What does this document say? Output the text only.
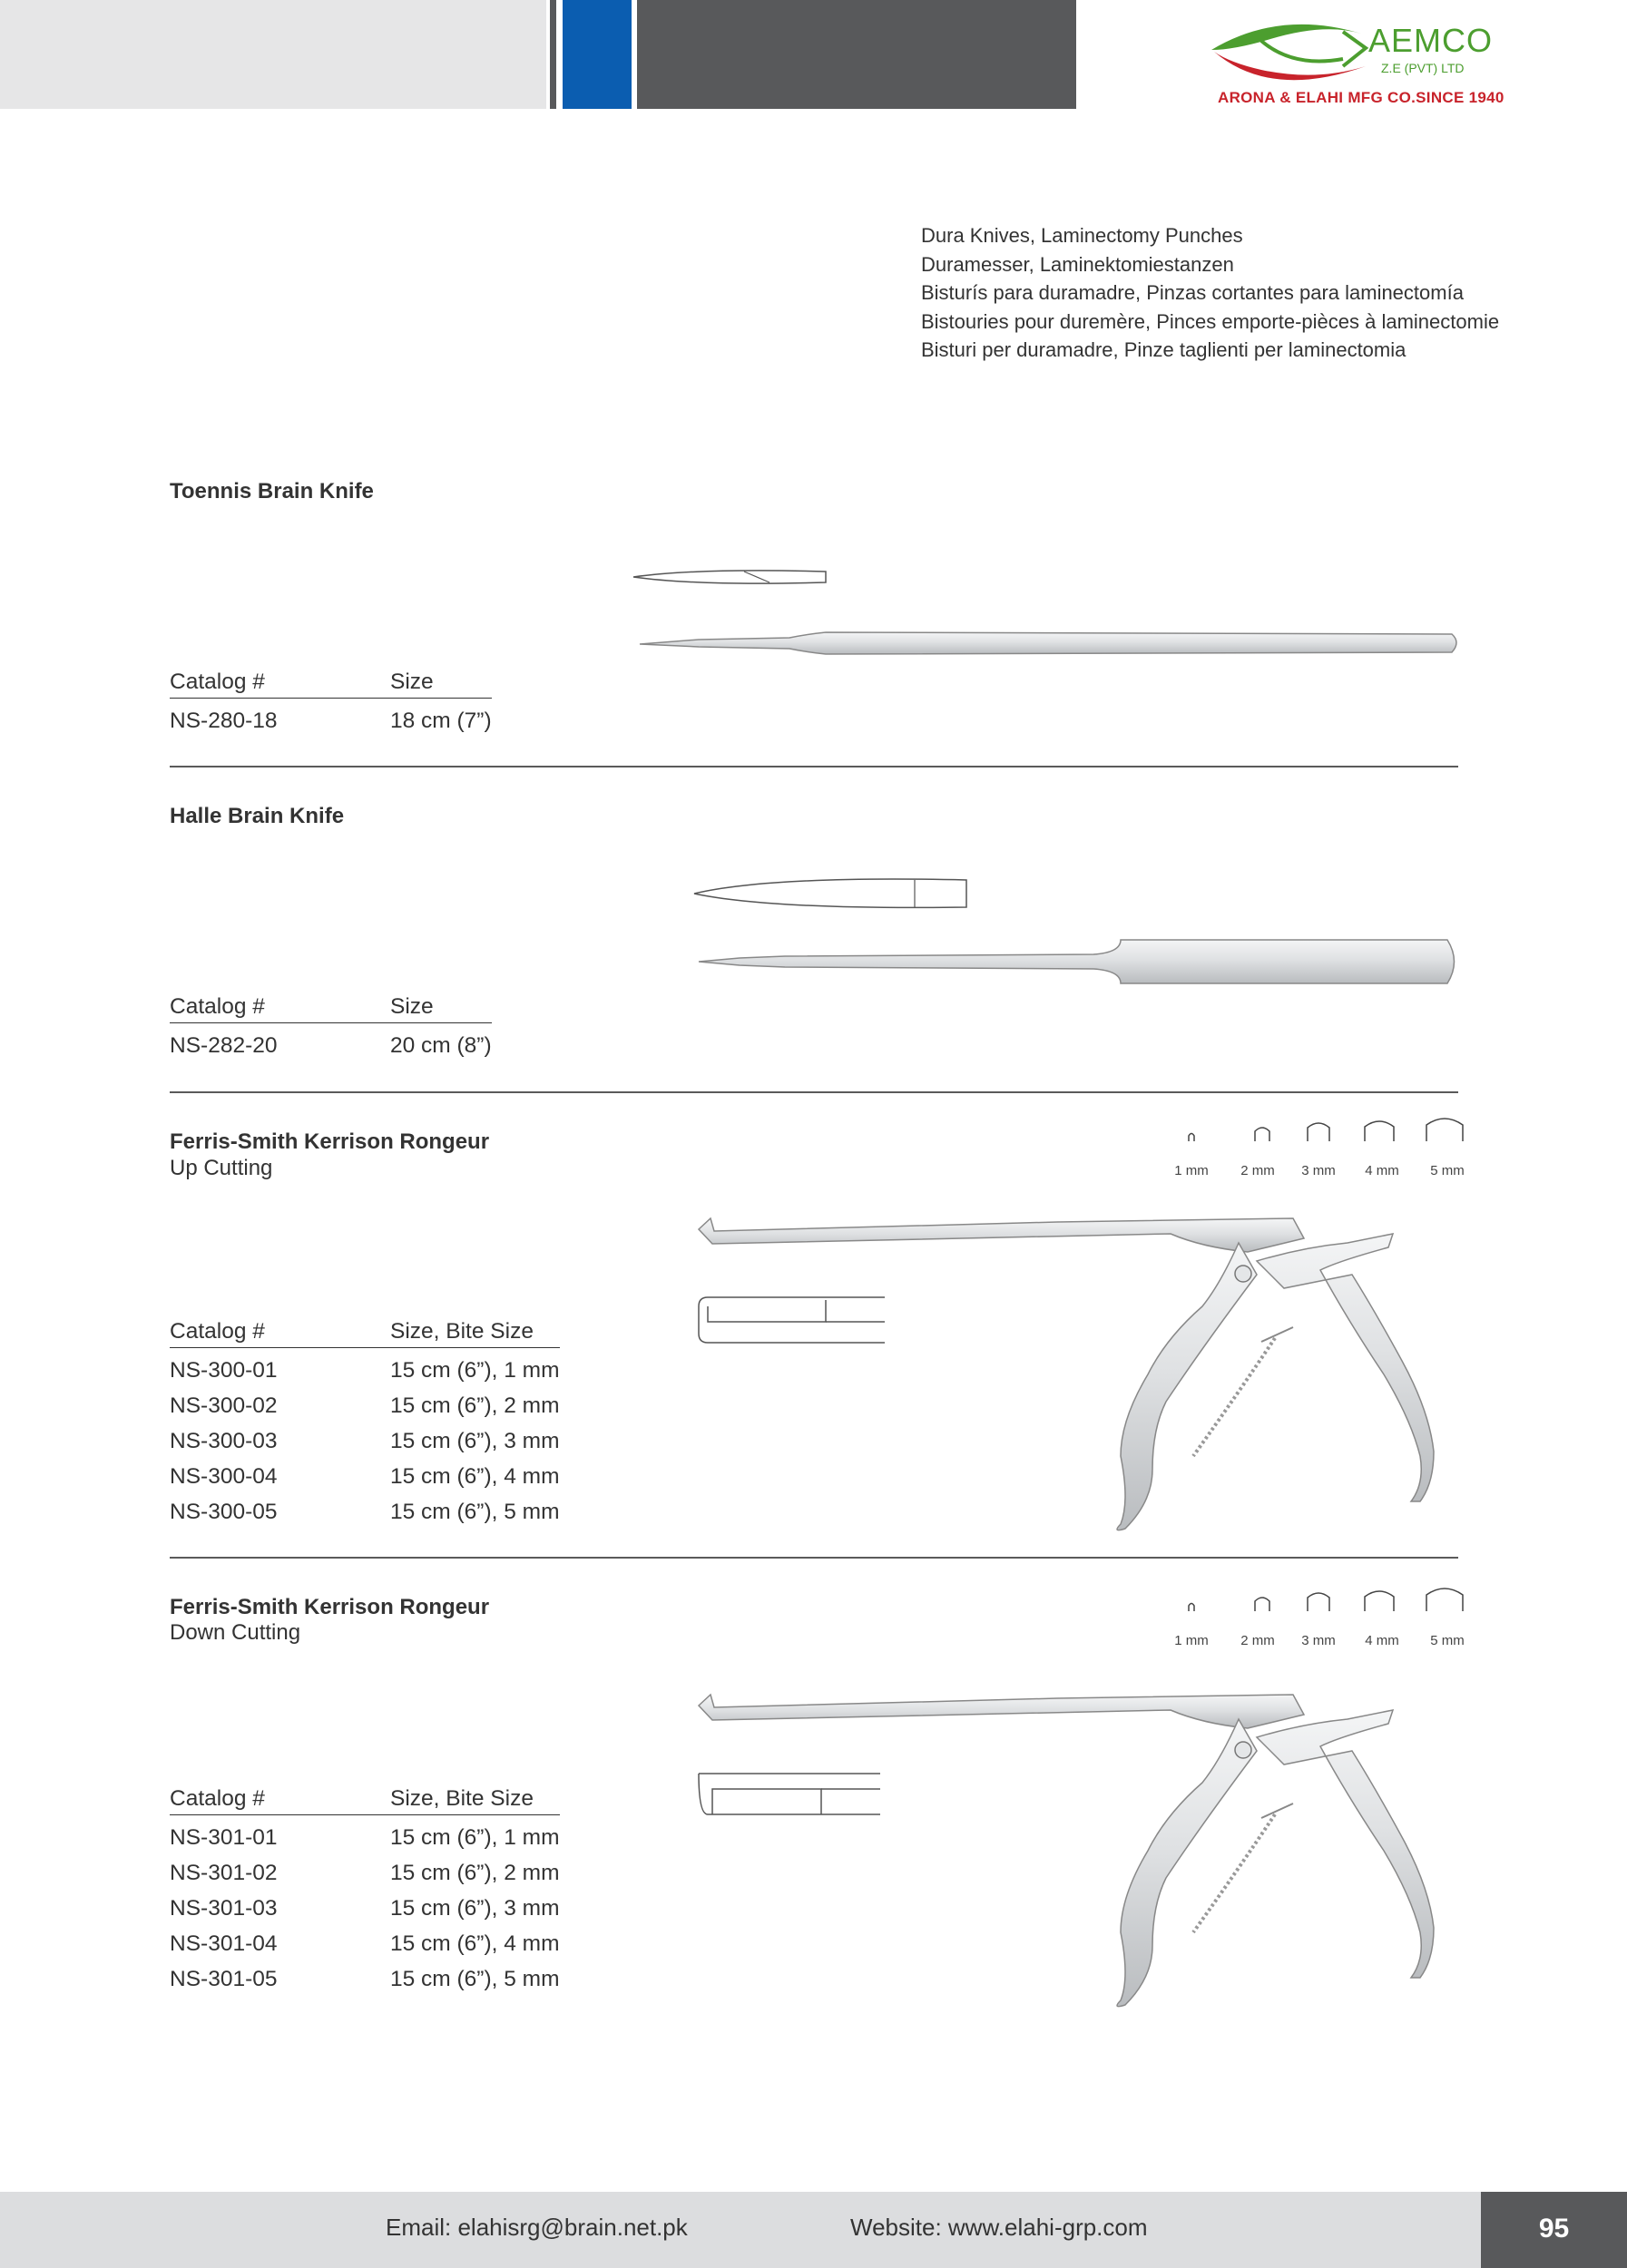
AEMCO
Z.E (PVT) LTD
ARONA & ELAHI MFG CO.SINCE 1940
Dura Knives, Laminectomy Punches
Duramesser, Laminektomiestanzen
Bisturís para duramadre, Pinzas cortantes para laminectomía
Bistouries pour duremère, Pinces emporte-pièces à laminectomie
Bisturi per duramadre, Pinze taglienti per laminectomia
Toennis Brain Knife
Catalog #	Size
NS-280-18	18 cm (7”)
Halle Brain Knife
Catalog #	Size
NS-282-20	20 cm (8”)
Ferris-Smith Kerrison Rongeur
Up Cutting	1 mm	2 mm	3 mm	4 mm	5 mm
Catalog #	Size, Bite Size
NS-300-01	15 cm (6”), 1 mm
NS-300-02	15 cm (6”), 2 mm
NS-300-03	15 cm (6”), 3 mm
NS-300-04	15 cm (6”), 4 mm
NS-300-05	15 cm (6”), 5 mm
Ferris-Smith Kerrison Rongeur
Down Cutting	1 mm	2 mm	3 mm	4 mm	5 mm
Catalog #	Size, Bite Size
NS-301-01	15 cm (6”), 1 mm
NS-301-02	15 cm (6”), 2 mm
NS-301-03	15 cm (6”), 3 mm
NS-301-04	15 cm (6”), 4 mm
NS-301-05	15 cm (6”), 5 mm
Email: elahisrg@brain.net.pk	Website: www.elahi-grp.com	95
